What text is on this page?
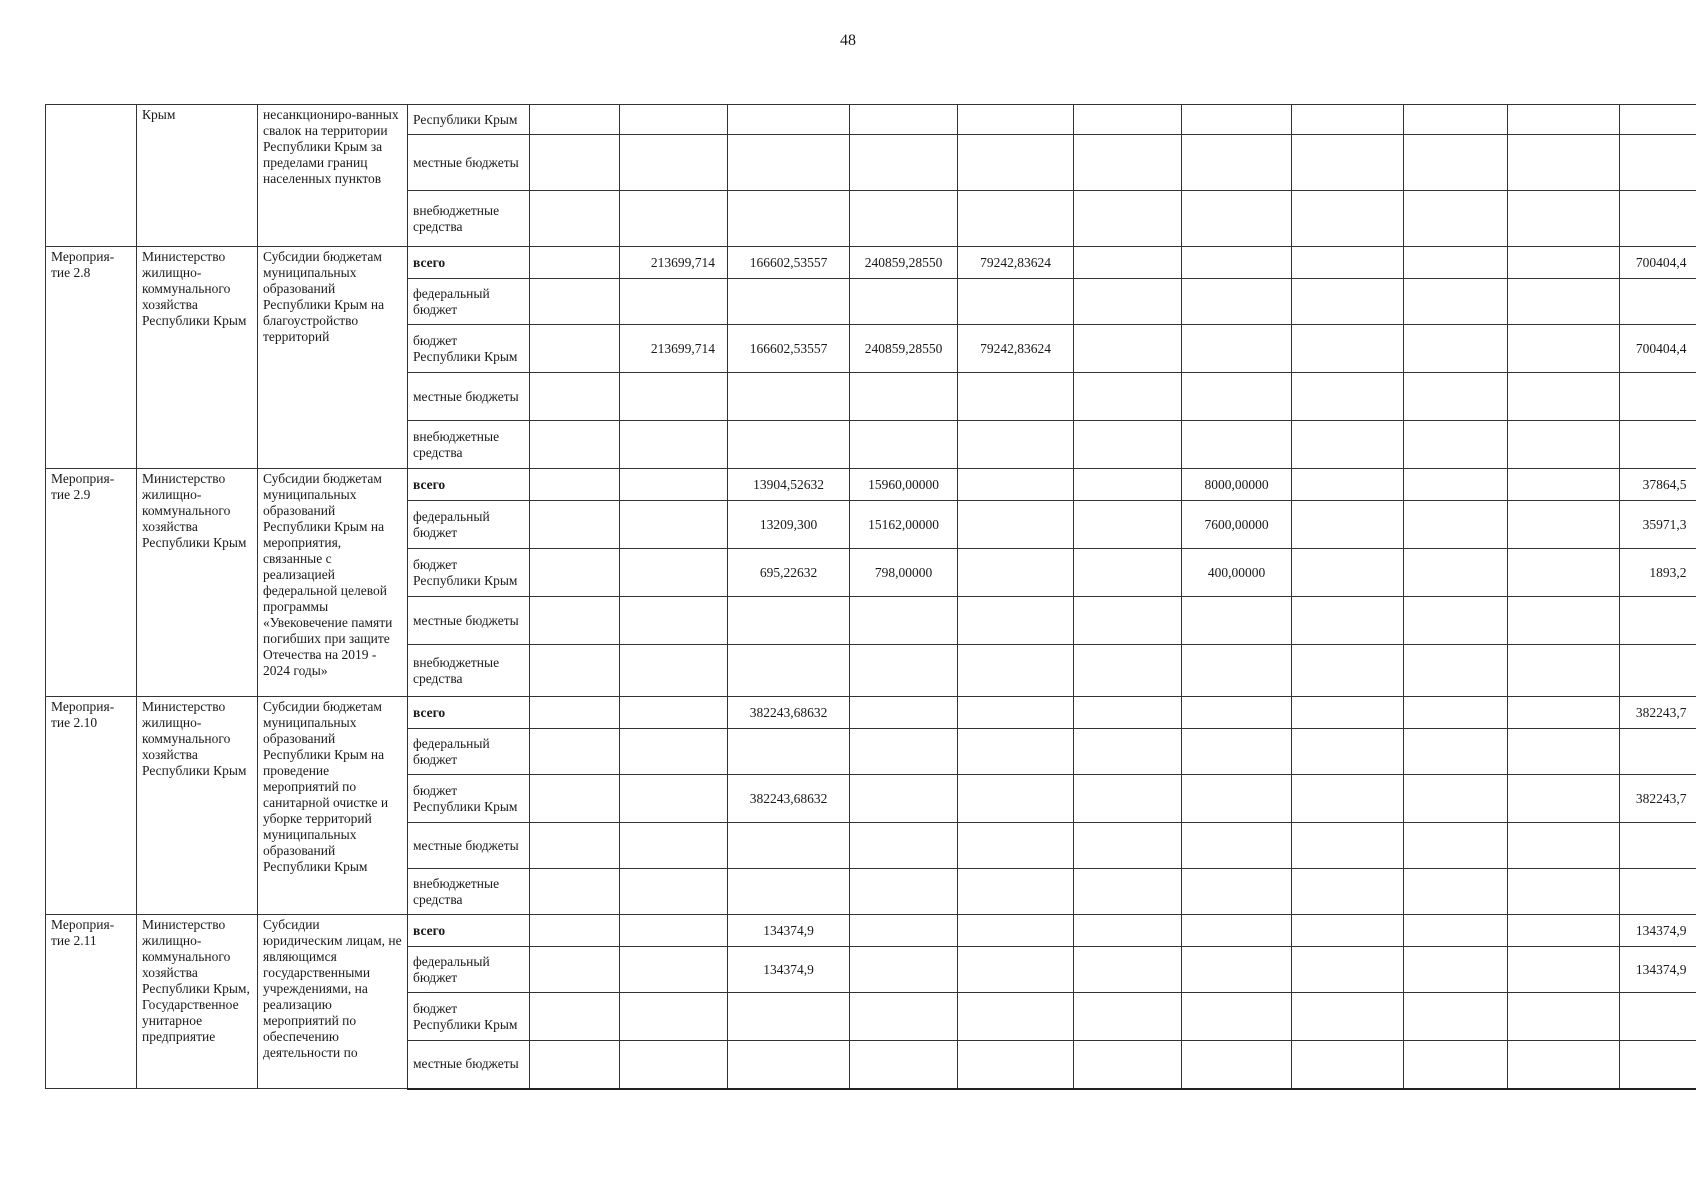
48
	Крым	несанкциониро-ванных свалок на территории Республики Крым за пределами границ населенных пунктов	Республики Крым											
			местные бюджеты											
			внебюджетные средства											
Мероприя-тие 2.8	Министерство жилищно-коммунального хозяйства Республики Крым	Субсидии бюджетам муниципальных образований Республики Крым на благоустройство территорий	всего		213699,714	166602,53557	240859,28550	79242,83624						700404,4
			федеральный бюджет											
			бюджет Республики Крым		213699,714	166602,53557	240859,28550	79242,83624						700404,4
			местные бюджеты											
			внебюджетные средства											
Мероприя-тие 2.9	Министерство жилищно-коммунального хозяйства Республики Крым	Субсидии бюджетам муниципальных образований Республики Крым на мероприятия, связанные с реализацией федеральной целевой программы «Увековечение памяти погибших при защите Отечества на 2019 - 2024 годы»	всего			13904,52632	15960,00000			8000,00000				37864,5
			федеральный бюджет			13209,300	15162,00000			7600,00000				35971,3
			бюджет Республики Крым			695,22632	798,00000			400,00000				1893,2
			местные бюджеты											
			внебюджетные средства											
Мероприя-тие 2.10	Министерство жилищно-коммунального хозяйства Республики Крым	Субсидии бюджетам муниципальных образований Республики Крым на проведение мероприятий по санитарной очистке и уборке территорий муниципальных образований Республики Крым	всего			382243,68632								382243,7
			федеральный бюджет											
			бюджет Республики Крым			382243,68632								382243,7
			местные бюджеты											
			внебюджетные средства											
Мероприя-тие 2.11	Министерство жилищно-коммунального хозяйства Республики Крым, Государственное унитарное предприятие	Субсидии юридическим лицам, не являющимся государственными учреждениями, на реализацию мероприятий по обеспечению деятельности по	всего			134374,9								134374,9
			федеральный бюджет			134374,9								134374,9
			бюджет Республики Крым											
			местные бюджеты											
